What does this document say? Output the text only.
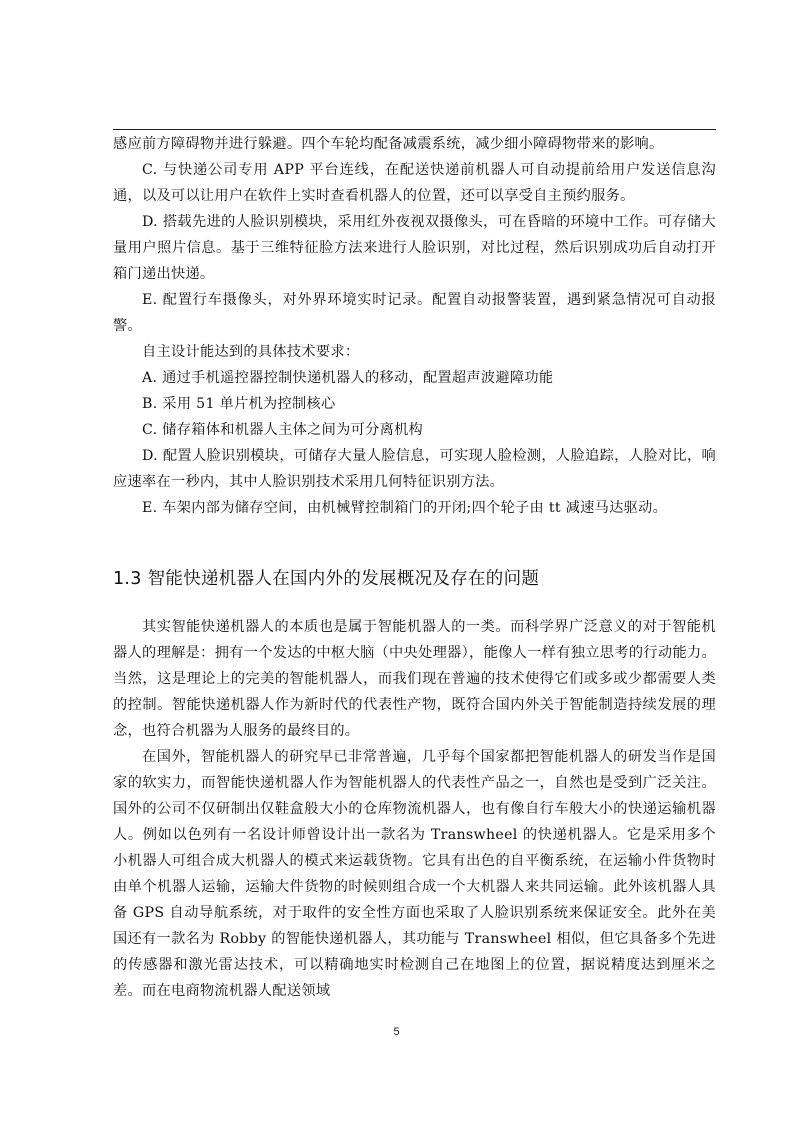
感应前方障碍物并进行躲避。四个车轮均配备减震系统，减少细小障碍物带来的影响。

C. 与快递公司专用 APP 平台连线，在配送快递前机器人可自动提前给用户发送信息沟通，以及可以让用户在软件上实时查看机器人的位置，还可以享受自主预约服务。

D. 搭载先进的人脸识别模块，采用红外夜视双摄像头，可在昏暗的环境中工作。可存储大量用户照片信息。基于三维特征脸方法来进行人脸识别，对比过程，然后识别成功后自动打开箱门递出快递。

E. 配置行车摄像头，对外界环境实时记录。配置自动报警装置，遇到紧急情况可自动报警。

自主设计能达到的具体技术要求：

A. 通过手机遥控器控制快递机器人的移动，配置超声波避障功能

B. 采用 51 单片机为控制核心

C. 储存箱体和机器人主体之间为可分离机构

D. 配置人脸识别模块，可储存大量人脸信息，可实现人脸检测，人脸追踪，人脸对比，响应速率在一秒内，其中人脸识别技术采用几何特征识别方法。

E. 车架内部为储存空间，由机械臂控制箱门的开闭;四个轮子由 tt 减速马达驱动。

1.3 智能快递机器人在国内外的发展概况及存在的问题

其实智能快递机器人的本质也是属于智能机器人的一类。而科学界广泛意义的对于智能机器人的理解是：拥有一个发达的中枢大脑（中央处理器），能像人一样有独立思考的行动能力。当然，这是理论上的完美的智能机器人，而我们现在普遍的技术使得它们或多或少都需要人类的控制。智能快递机器人作为新时代的代表性产物，既符合国内外关于智能制造持续发展的理念，也符合机器为人服务的最终目的。

在国外，智能机器人的研究早已非常普遍，几乎每个国家都把智能机器人的研发当作是国家的软实力，而智能快递机器人作为智能机器人的代表性产品之一，自然也是受到广泛关注。国外的公司不仅研制出仅鞋盒般大小的仓库物流机器人，也有像自行车般大小的快递运输机器人。例如以色列有一名设计师曾设计出一款名为 Transwheel 的快递机器人。它是采用多个小机器人可组合成大机器人的模式来运载货物。它具有出色的自平衡系统，在运输小件货物时由单个机器人运输，运输大件货物的时候则组合成一个大机器人来共同运输。此外该机器人具备 GPS 自动导航系统，对于取件的安全性方面也采取了人脸识别系统来保证安全。此外在美国还有一款名为 Robby 的智能快递机器人，其功能与 Transwheel 相似，但它具备多个先进的传感器和激光雷达技术，可以精确地实时检测自己在地图上的位置，据说精度达到厘米之差。而在电商物流机器人配送领域

5
